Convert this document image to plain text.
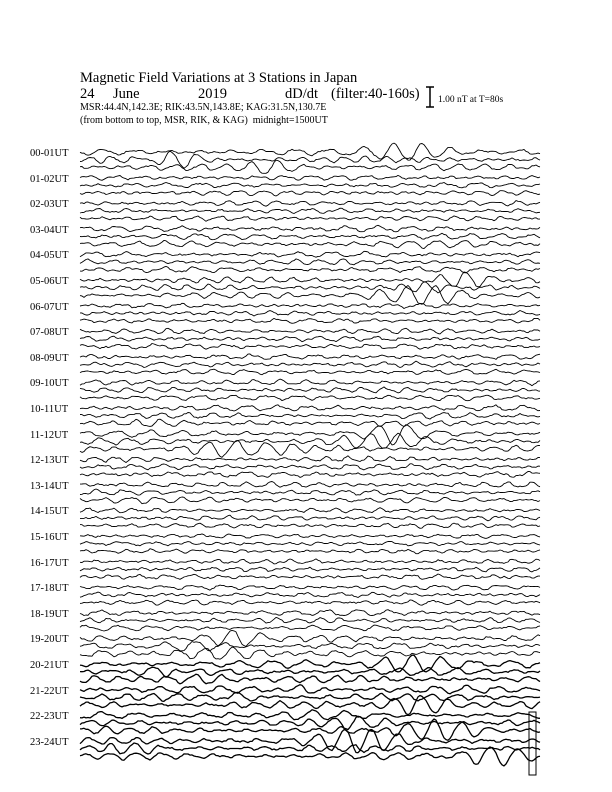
Magnetic Field Variations at 3 Stations in Japan
24 June	2019	dD/dt (filter:40-160s)
MSR:44.4N,142.3E; RIK:43.5N,143.8E; KAG:31.5N,130.7E
(from bottom to top, MSR, RIK, & KAG) midnight=1500UT
1.00 nT at T=80s
00-01UT
01-02UT
02-03UT
03-04UT
04-05UT
05-06UT
06-07UT
07-08UT
08-09UT
09-10UT
10-11UT
11-12UT
12-13UT
13-14UT
14-15UT
15-16UT
16-17UT
17-18UT
18-19UT
19-20UT
20-21UT
21-22UT
22-23UT
23-24UT
